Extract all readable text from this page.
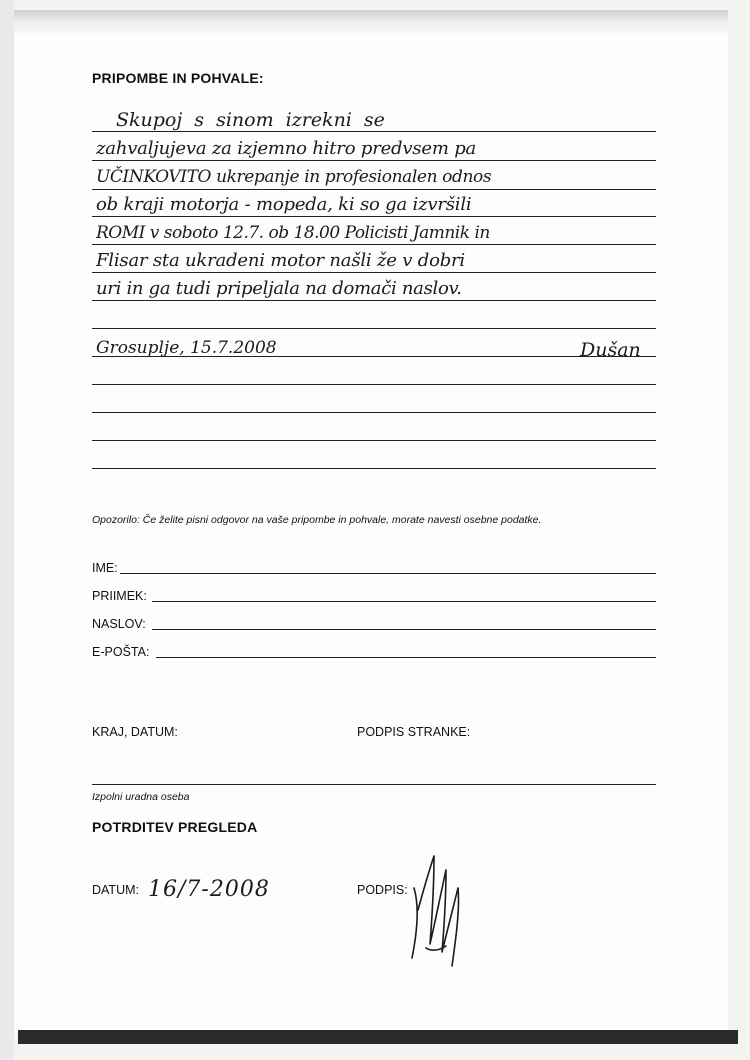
PRIPOMBE IN POHVALE:
Skupoj s sinom izrekni se
zahvaljujeva za izjemno hitro predvsem pa
UČINKOVITO ukrepanje in profesionalen odnos
ob kraji motorja - mopeda, ki so ga izvršili
ROMI v soboto 12.7. ob 18.00 Policisti Jamnik in
Flisar sta ukradeni motor našli že v dobri
uri in ga tudi pripeljala na domači naslov.
Grosuplje, 15.7.2008	Dušan
Opozorilo: Če želite pisni odgovor na vaše pripombe in pohvale, morate navesti osebne podatke.
IME:
PRIIMEK:
NASLOV:
E-POŠTA:
KRAJ, DATUM:	PODPIS STRANKE:
Izpolni uradna oseba
POTRDITEV PREGLEDA
DATUM: 16/7-2008	PODPIS:
